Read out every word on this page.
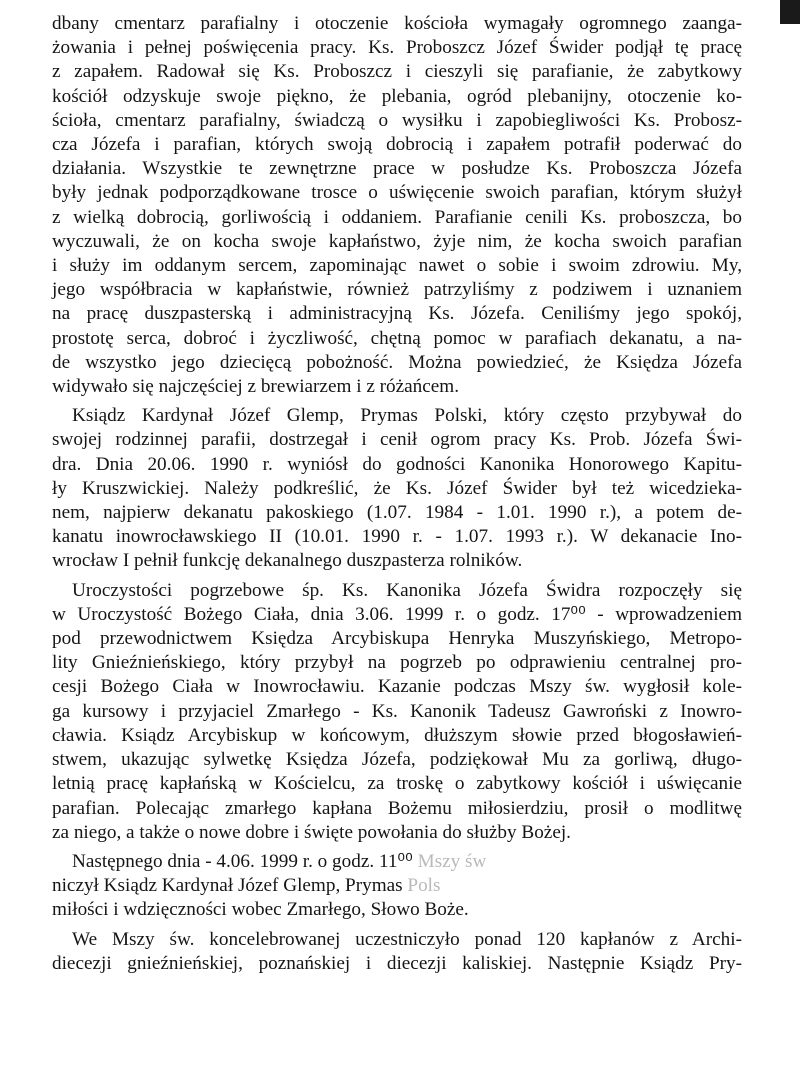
dbany cmentarz parafialny i otoczenie kościoła wymagały ogromnego zaanga-
żowania i pełnej poświęcenia pracy. Ks. Proboszcz Józef Świder podjął tę pracę
z zapałem. Radował się Ks. Proboszcz i cieszyli się parafianie, że zabytkowy
kościół odzyskuje swoje piękno, że plebania, ogród plebanijny, otoczenie ko-
ścioła, cmentarz parafialny, świadczą o wysiłku i zapobiegliwości Ks. Probosz-
cza Józefa i parafian, których swoją dobrocią i zapałem potrafił poderwać do
działania. Wszystkie te zewnętrzne prace w posłudze Ks. Proboszcza Józefa
były jednak podporządkowane trosce o uświęcenie swoich parafian, którym służył
z wielką dobrocią, gorliwością i oddaniem. Parafianie cenili Ks. proboszcza, bo
wyczuwali, że on kocha swoje kapłaństwo, żyje nim, że kocha swoich parafian
i służy im oddanym sercem, zapominając nawet o sobie i swoim zdrowiu. My,
jego współbracia w kapłaństwie, również patrzyliśmy z podziwem i uznaniem
na pracę duszpasterską i administracyjną Ks. Józefa. Ceniliśmy jego spokój,
prostotę serca, dobroć i życzliwość, chętną pomoc w parafiach dekanatu, a na-
de wszystko jego dziecięcą pobożność. Można powiedzieć, że Księdza Józefa
widywało się najczęściej z brewiarzem i z różańcem.

Ksiądz Kardynał Józef Glemp, Prymas Polski, który często przybywał do
swojej rodzinnej parafii, dostrzegał i cenił ogrom pracy Ks. Prob. Józefa Świ-
dra. Dnia 20.06. 1990 r. wyniósł do godności Kanonika Honorowego Kapitu-
ły Kruszwickiej. Należy podkreślić, że Ks. Józef Świder był też wicedziekа-
nem, najpierw dekanatu pakoskiego (1.07. 1984 - 1.01. 1990 r.), a potem de-
kanatu inowrocławskiego II (10.01. 1990 r. - 1.07. 1993 r.). W dekanacie Ino-
wrocław I pełnił funkcję dekanalnego duszpasterza rolników.

Uroczystości pogrzebowe śp. Ks. Kanonika Józefa Świdra rozpoczęły się
w Uroczystość Bożego Ciała, dnia 3.06. 1999 r. o godz. 17⁰⁰ - wprowadzeniem
pod przewodnictwem Księdza Arcybiskupa Henryka Muszyńskiego, Metropo-
lity Gnieźnieńskiego, który przybył na pogrzeb po odprawieniu centralnej pro-
cesji Bożego Ciała w Inowrocławiu. Kazanie podczas Mszy św. wygłosił kole-
ga kursowy i przyjaciel Zmarłego - Ks. Kanonik Tadeusz Gawroński z Inowro-
cławia. Ksiądz Arcybiskup w końcowym, dłuższym słowie przed błogosławień-
stwem, ukazując sylwetkę Księdza Józefa, podziękował Mu za gorliwą, długo-
letnią pracę kapłańską w Kościelcu, za troskę o zabytkowy kościół i uświęcanie
parafian. Polecając zmarłego kapłana Bożemu miłosierdziu, prosił o modlitwę
za niego, a także o nowe dobre i święte powołania do służby Bożej.

Następnego dnia - 4.06. 1999 r. o godz. 11⁰⁰ Mszy św
niczył Ksiądz Kardynał Józef Glemp, Prymas Pols
miłości i wdzięczności wobec Zmarłego, Słowo Boże.

We Mszy św. koncelebrowanej uczestniczyło ponad 120 kapłanów z Archi-
diecezji gnieźnieńskiej, poznańskiej i diecezji kaliskiej. Następnie Ksiądz Pry-
